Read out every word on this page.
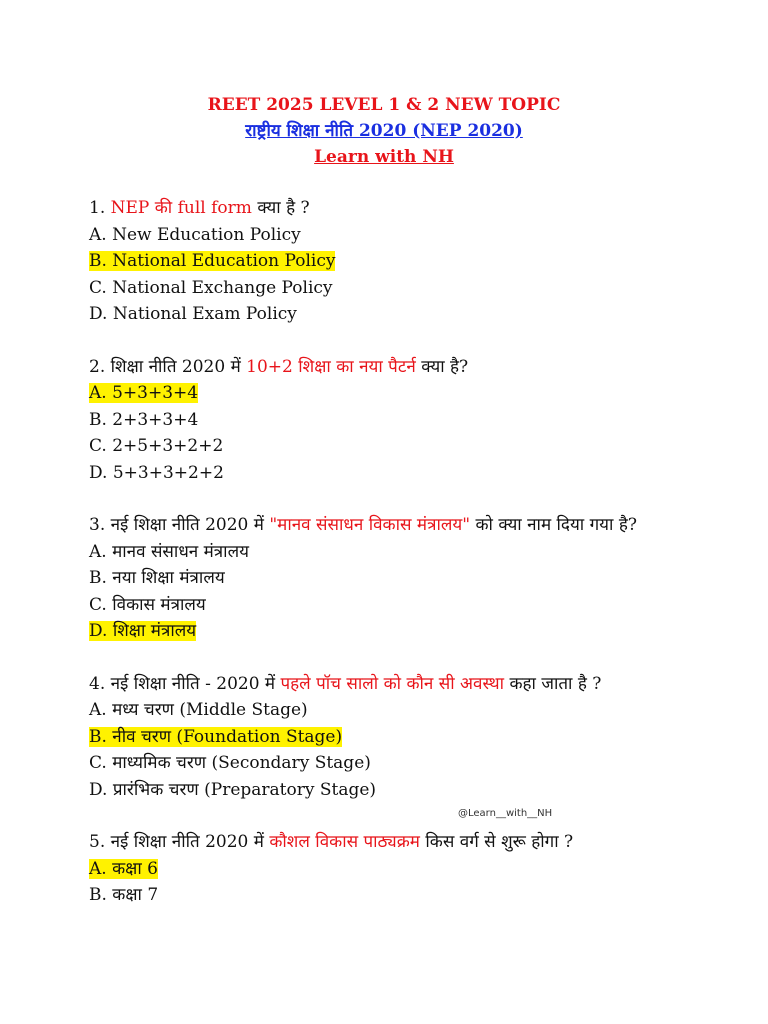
REET 2025 LEVEL 1 & 2 NEW TOPIC
राष्ट्रीय शिक्षा नीति 2020 (NEP 2020)
Learn with NH
1. NEP की full form क्या है ?
A. New Education Policy
B. National Education Policy
C. National Exchange Policy
D. National Exam Policy
2. शिक्षा नीति 2020 में 10+2 शिक्षा का नया पैटर्न क्या है?
A. 5+3+3+4
B. 2+3+3+4
C. 2+5+3+2+2
D. 5+3+3+2+2
3. नई शिक्षा नीति 2020 में "मानव संसाधन विकास मंत्रालय" को क्या नाम दिया गया है?
A. मानव संसाधन मंत्रालय
B. नया शिक्षा मंत्रालय
C. विकास मंत्रालय
D. शिक्षा मंत्रालय
4. नई शिक्षा नीति - 2020 में पहले पॉच सालो को कौन सी अवस्था कहा जाता है ?
A. मध्य चरण (Middle Stage)
B. नीव चरण (Foundation Stage)
C. माध्यमिक चरण (Secondary Stage)
D. प्रारंभिक चरण (Preparatory Stage)
5. नई शिक्षा नीति 2020 में कौशल विकास पाठ्यक्रम किस वर्ग से शुरू होगा ?
A. कक्षा 6
B. कक्षा 7
@Learn__with__NH
